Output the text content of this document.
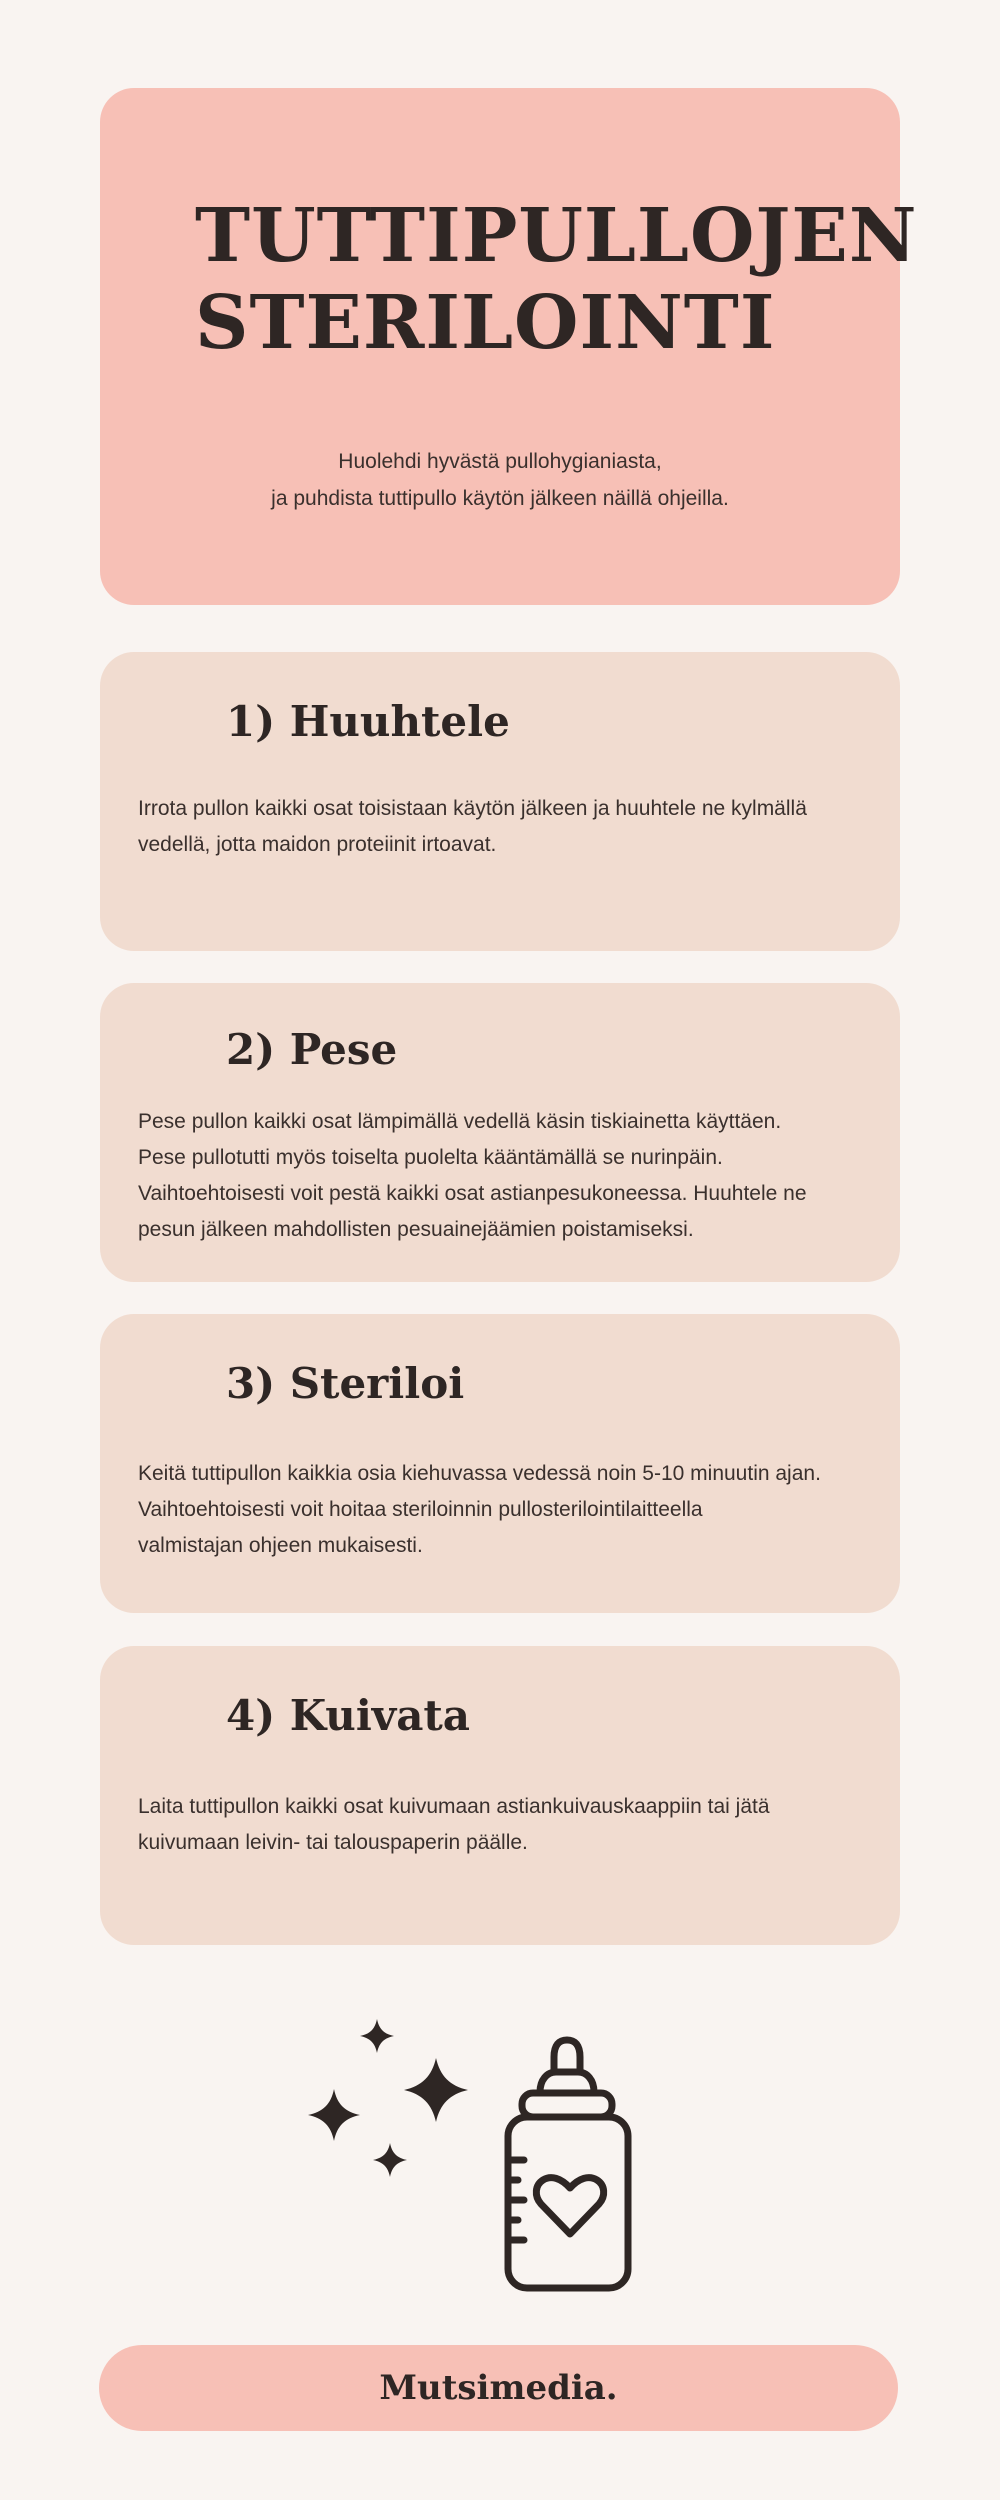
TUTTIPULLOJEN
STERILOINTI
Huolehdi hyvästä pullohygianiasta,
ja puhdista tuttipullo käytön jälkeen näillä ohjeilla.
1) Huuhtele

Irrota pullon kaikki osat toisistaan käytön jälkeen ja huuhtele ne kylmällä
vedellä, jotta maidon proteiinit irtoavat.

2) Pese

Pese pullon kaikki osat lämpimällä vedellä käsin tiskiainetta käyttäen.
Pese pullotutti myös toiselta puolelta kääntämällä se nurinpäin.
Vaihtoehtoisesti voit pestä kaikki osat astianpesukoneessa. Huuhtele ne
pesun jälkeen mahdollisten pesuainejäämien poistamiseksi.

3) Steriloi

Keitä tuttipullon kaikkia osia kiehuvassa vedessä noin 5-10 minuutin ajan.
Vaihtoehtoisesti voit hoitaa steriloinnin pullosterilointilaitteella
valmistajan ohjeen mukaisesti.

4) Kuivata

Laita tuttipullon kaikki osat kuivumaan astiankuivauskaappiin tai jätä
kuivumaan leivin- tai talouspaperin päälle.

Mutsimedia.
